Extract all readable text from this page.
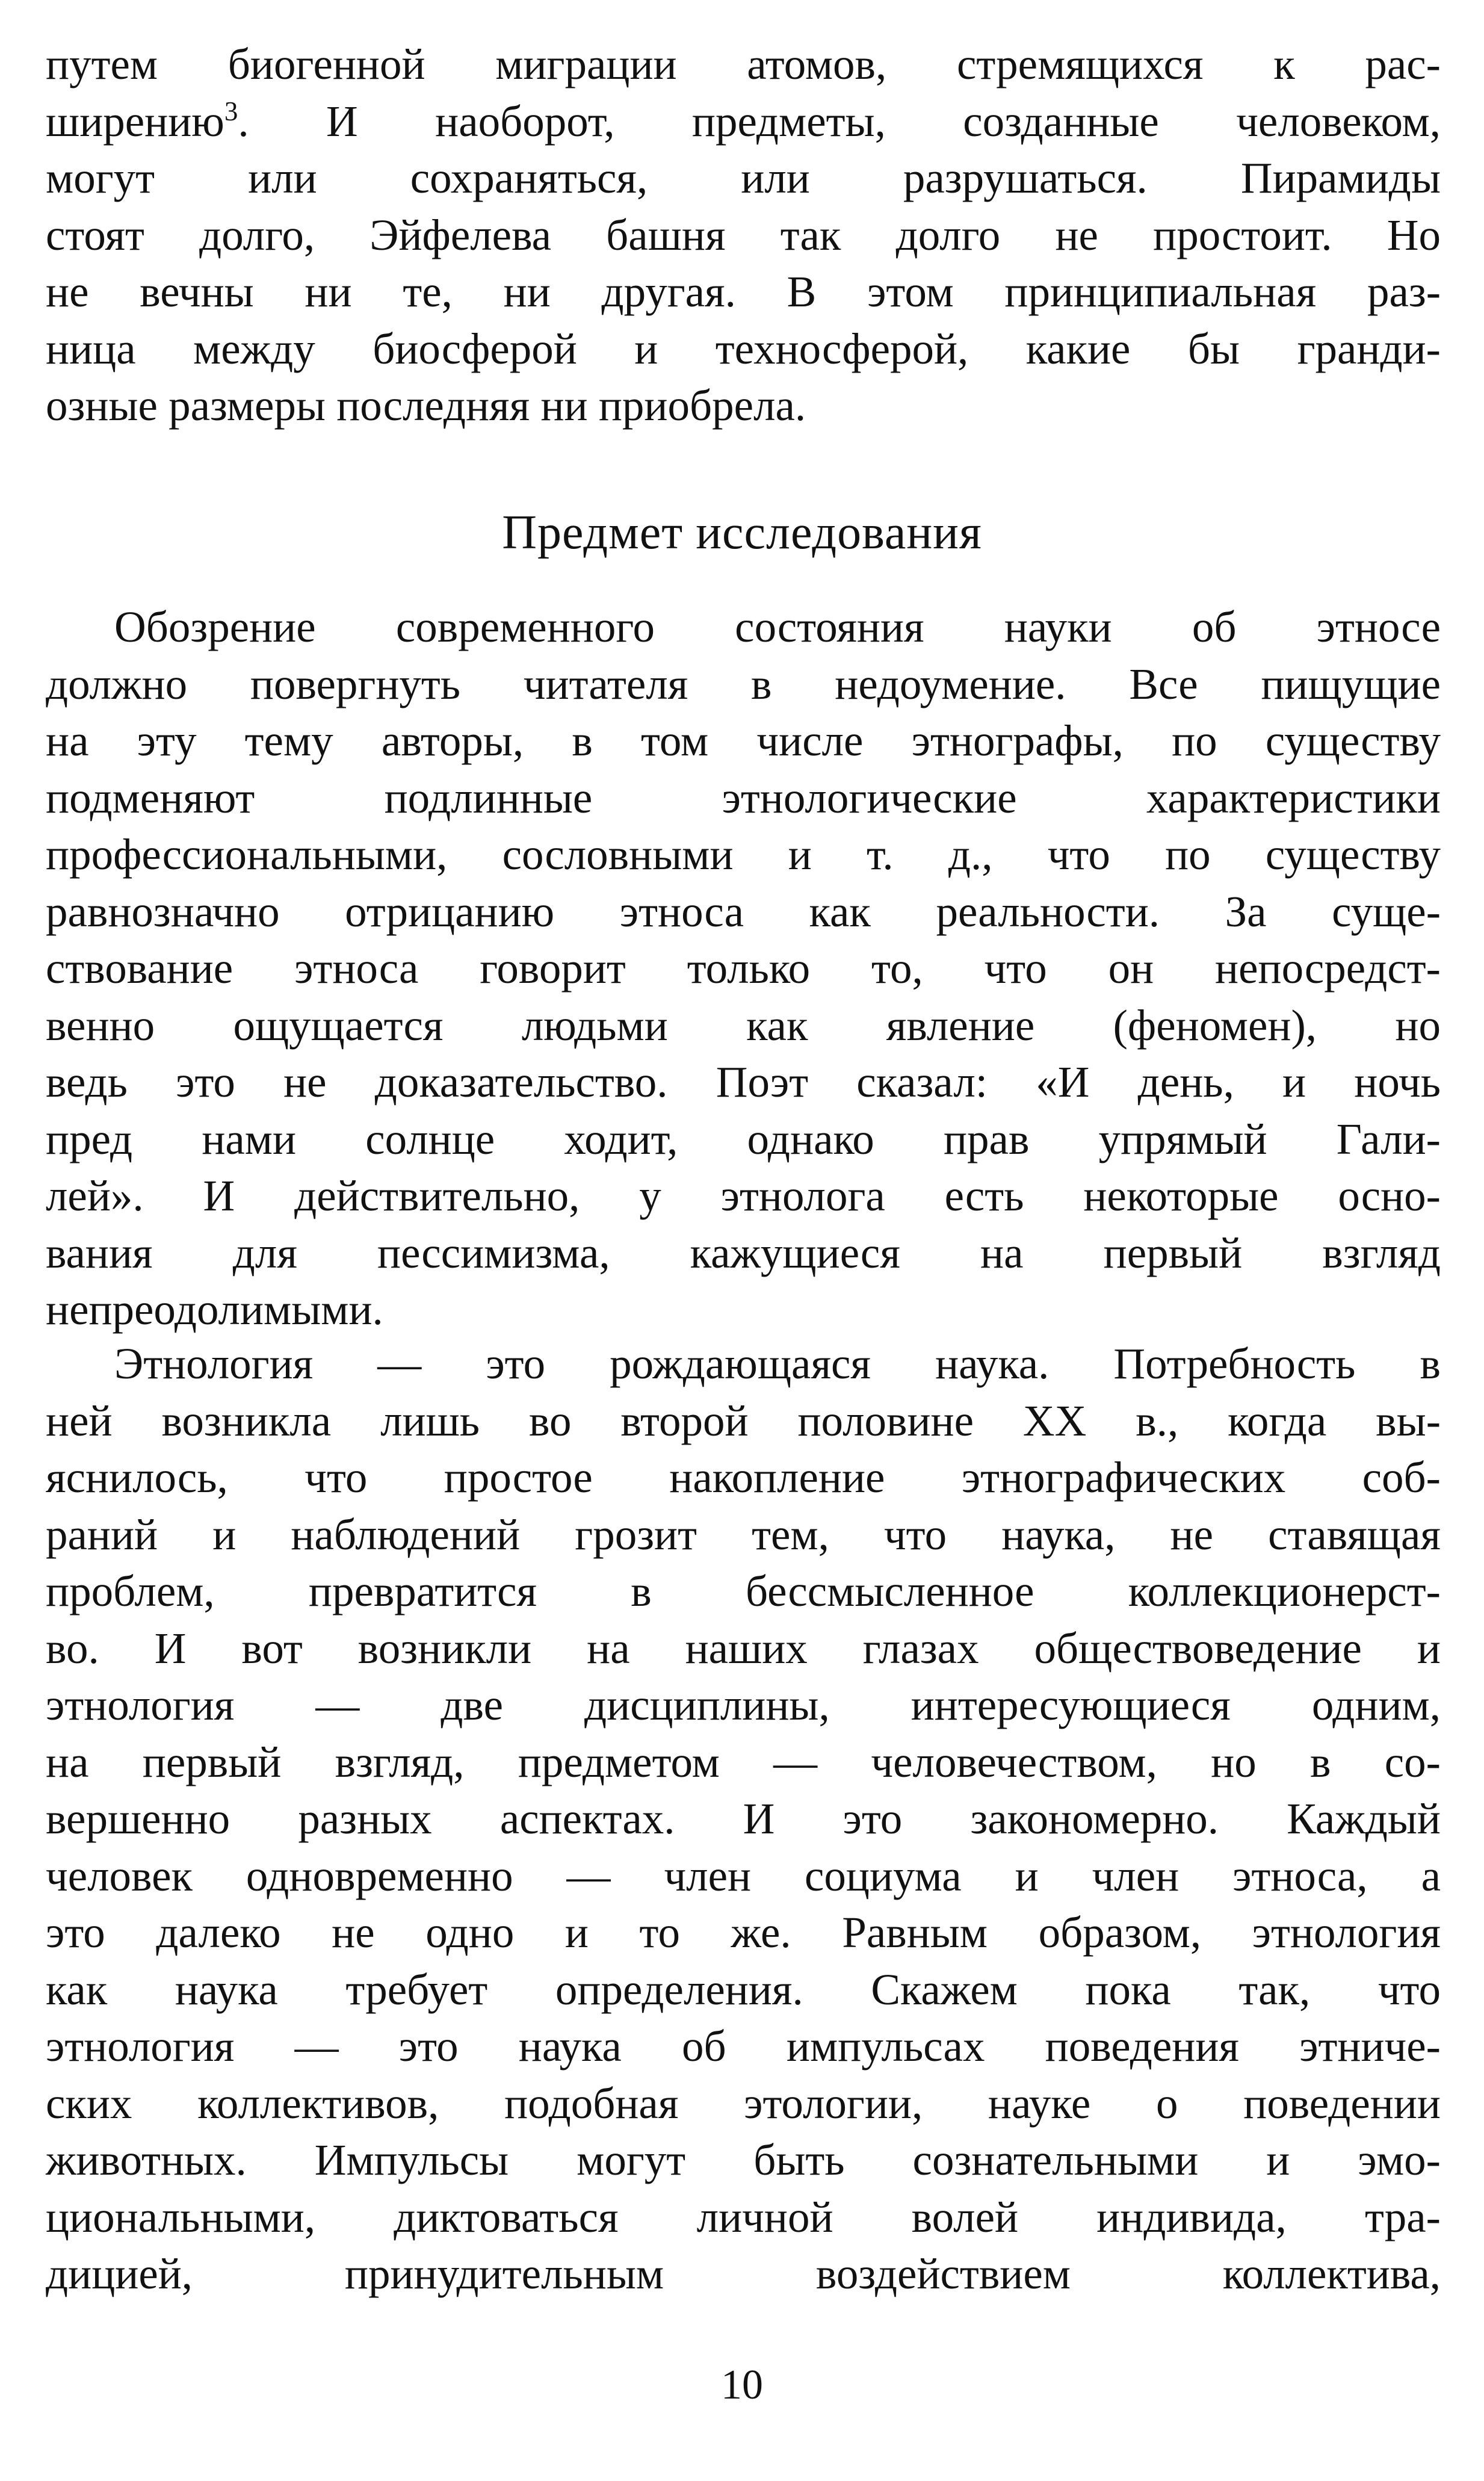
путем биогенной миграции атомов, стремящихся к рас-
ширению$^3$. И наоборот, предметы, созданные человеком,
могут или сохраняться, или разрушаться. Пирамиды
стоят долго, Эйфелева башня так долго не простоит. Но
не вечны ни те, ни другая. В этом принципиальная раз-
ница между биосферой и техносферой, какие бы гранди-
озные размеры последняя ни приобрела.
Предмет исследования
Обозрение современного состояния науки об этносе
должно повергнуть читателя в недоумение. Все пищущие
на эту тему авторы, в том числе этнографы, по существу
подменяют подлинные этнологические характеристики
профессиональными, сословными и т. д., что по существу
равнозначно отрицанию этноса как реальности. За суще-
ствование этноса говорит только то, что он непосредст-
венно ощущается людьми как явление (феномен), но
ведь это не доказательство. Поэт сказал: «И день, и ночь
пред нами солнце ходит, однако прав упрямый Гали-
лей». И действительно, у этнолога есть некоторые осно-
вания для пессимизма, кажущиеся на первый взгляд
непреодолимыми.
Этнология — это рождающаяся наука. Потребность в
ней возникла лишь во второй половине XX в., когда вы-
яснилось, что простое накопление этнографических соб-
раний и наблюдений грозит тем, что наука, не ставящая
проблем, превратится в бессмысленное коллекционерст-
во. И вот возникли на наших глазах обществоведение и
этнология — две дисциплины, интересующиеся одним,
на первый взгляд, предметом — человечеством, но в со-
вершенно разных аспектах. И это закономерно. Каждый
человек одновременно — член социума и член этноса, а
это далеко не одно и то же. Равным образом, этнология
как наука требует определения. Скажем пока так, что
этнология — это наука об импульсах поведения этниче-
ских коллективов, подобная этологии, науке о поведении
животных. Импульсы могут быть сознательными и эмо-
циональными, диктоваться личной волей индивида, тра-
дицией, принудительным воздействием коллектива,
10
